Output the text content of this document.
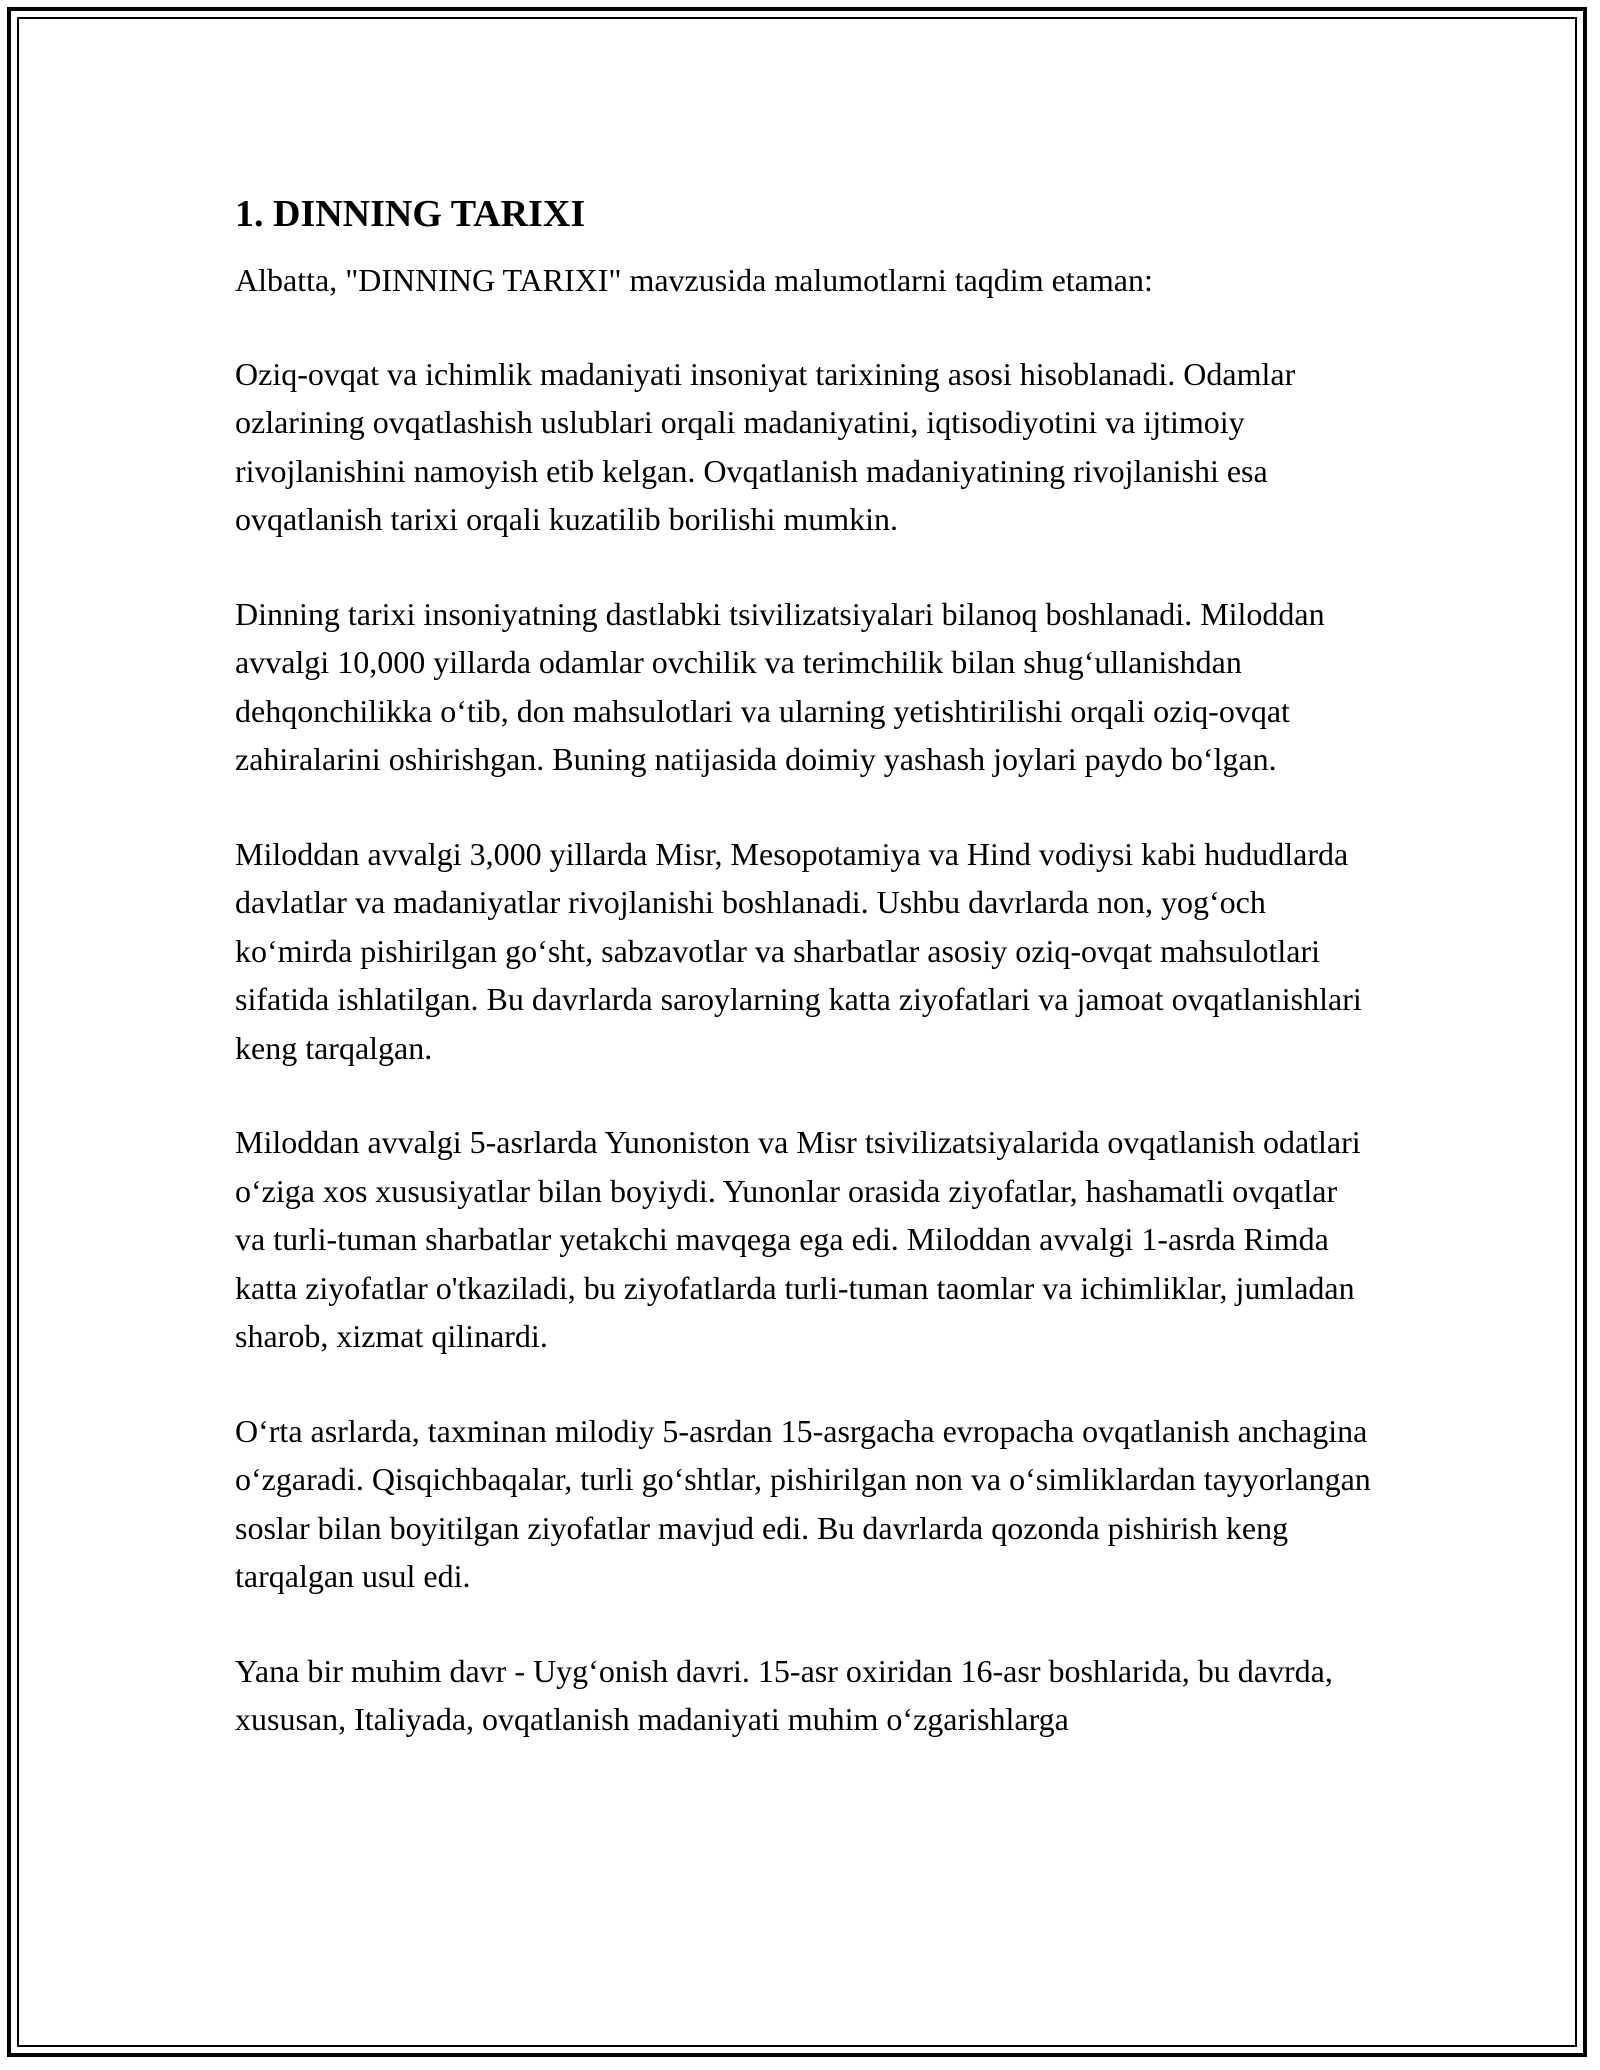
1. DINNING TARIXI

Albatta, "DINNING TARIXI" mavzusida malumotlarni taqdim etaman:

Oziq-ovqat va ichimlik madaniyati insoniyat tarixining asosi hisoblanadi. Odamlar ozlarining ovqatlashish uslublari orqali madaniyatini, iqtisodiyotini va ijtimoiy rivojlanishini namoyish etib kelgan. Ovqatlanish madaniyatining rivojlanishi esa ovqatlanish tarixi orqali kuzatilib borilishi mumkin.

Dinning tarixi insoniyatning dastlabki tsivilizatsiyalari bilanoq boshlanadi. Miloddan avvalgi 10,000 yillarda odamlar ovchilik va terimchilik bilan shugʻullanishdan dehqonchilikka oʻtib, don mahsulotlari va ularning yetishtirilishi orqali oziq-ovqat zahiralarini oshirishgan. Buning natijasida doimiy yashash joylari paydo boʻlgan.

Miloddan avvalgi 3,000 yillarda Misr, Mesopotamiya va Hind vodiysi kabi hududlarda davlatlar va madaniyatlar rivojlanishi boshlanadi. Ushbu davrlarda non, yogʻoch koʻmirda pishirilgan goʻsht, sabzavotlar va sharbatlar asosiy oziq-ovqat mahsulotlari sifatida ishlatilgan. Bu davrlarda saroylarning katta ziyofatlari va jamoat ovqatlanishlari keng tarqalgan.

Miloddan avvalgi 5-asrlarda Yunoniston va Misr tsivilizatsiyalarida ovqatlanish odatlari oʻziga xos xususiyatlar bilan boyiydi. Yunonlar orasida ziyofatlar, hashamatli ovqatlar va turli-tuman sharbatlar yetakchi mavqega ega edi. Miloddan avvalgi 1-asrda Rimda katta ziyofatlar o'tkaziladi, bu ziyofatlarda turli-tuman taomlar va ichimliklar, jumladan sharob, xizmat qilinardi.

Oʻrta asrlarda, taxminan milodiy 5-asrdan 15-asrgacha evropacha ovqatlanish anchagina oʻzgaradi. Qisqichbaqalar, turli goʻshtlar, pishirilgan non va oʻsimliklardan tayyorlangan soslar bilan boyitilgan ziyofatlar mavjud edi. Bu davrlarda qozonda pishirish keng tarqalgan usul edi.

Yana bir muhim davr - Uygʻonish davri. 15-asr oxiridan 16-asr boshlarida, bu davrda, xususan, Italiyada, ovqatlanish madaniyati muhim oʻzgarishlarga
